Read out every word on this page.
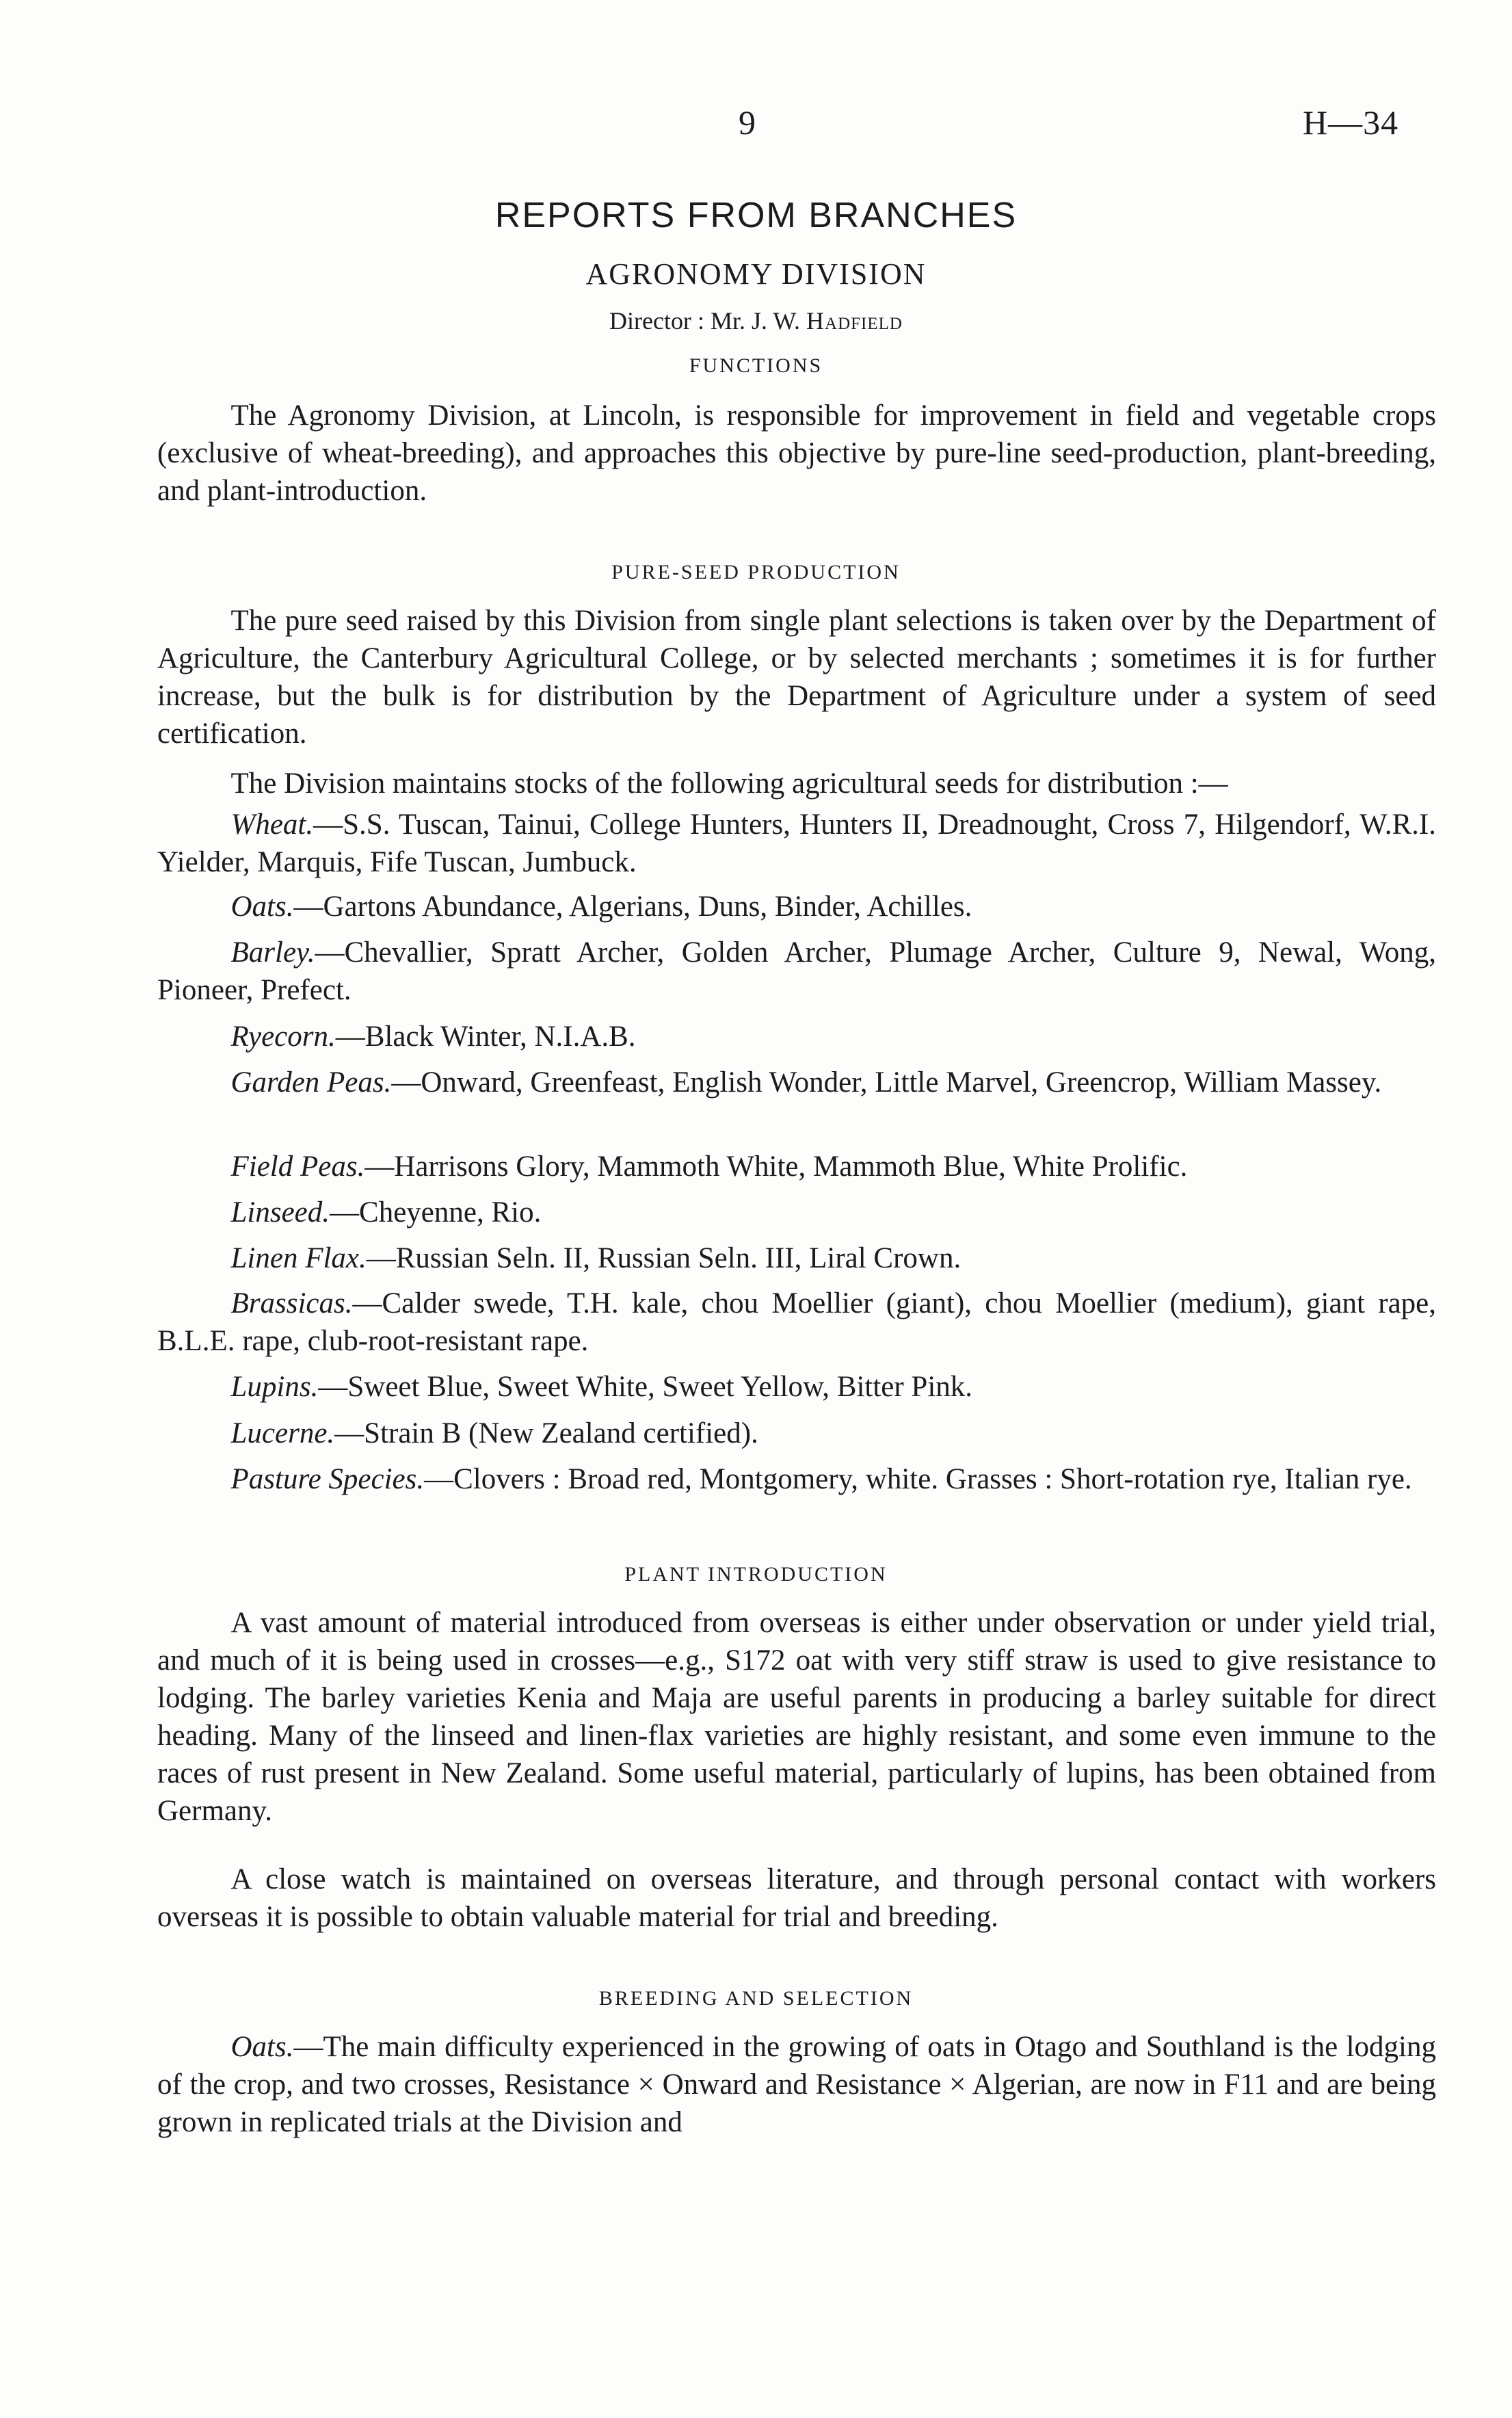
9	H—34
REPORTS FROM BRANCHES
AGRONOMY DIVISION
Director : Mr. J. W. Hadfield
FUNCTIONS
The Agronomy Division, at Lincoln, is responsible for improvement in field and vegetable crops (exclusive of wheat-breeding), and approaches this objective by pure-line seed-production, plant-breeding, and plant-introduction.
PURE-SEED PRODUCTION
The pure seed raised by this Division from single plant selections is taken over by the Department of Agriculture, the Canterbury Agricultural College, or by selected merchants ; sometimes it is for further increase, but the bulk is for distribution by the Department of Agriculture under a system of seed certification.
The Division maintains stocks of the following agricultural seeds for distribution :—
Wheat.—S.S. Tuscan, Tainui, College Hunters, Hunters II, Dreadnought, Cross 7, Hilgendorf, W.R.I. Yielder, Marquis, Fife Tuscan, Jumbuck.
Oats.—Gartons Abundance, Algerians, Duns, Binder, Achilles.
Barley.—Chevallier, Spratt Archer, Golden Archer, Plumage Archer, Culture 9, Newal, Wong, Pioneer, Prefect.
Ryecorn.—Black Winter, N.I.A.B.
Garden Peas.—Onward, Greenfeast, English Wonder, Little Marvel, Greencrop, William Massey.
Field Peas.—Harrisons Glory, Mammoth White, Mammoth Blue, White Prolific.
Linseed.—Cheyenne, Rio.
Linen Flax.—Russian Seln. II, Russian Seln. III, Liral Crown.
Brassicas.—Calder swede, T.H. kale, chou Moellier (giant), chou Moellier (medium), giant rape, B.L.E. rape, club-root-resistant rape.
Lupins.—Sweet Blue, Sweet White, Sweet Yellow, Bitter Pink.
Lucerne.—Strain B (New Zealand certified).
Pasture Species.—Clovers : Broad red, Montgomery, white. Grasses : Short-rotation rye, Italian rye.
PLANT INTRODUCTION
A vast amount of material introduced from overseas is either under observation or under yield trial, and much of it is being used in crosses—e.g., S172 oat with very stiff straw is used to give resistance to lodging. The barley varieties Kenia and Maja are useful parents in producing a barley suitable for direct heading. Many of the linseed and linen-flax varieties are highly resistant, and some even immune to the races of rust present in New Zealand. Some useful material, particularly of lupins, has been obtained from Germany.
A close watch is maintained on overseas literature, and through personal contact with workers overseas it is possible to obtain valuable material for trial and breeding.
BREEDING AND SELECTION
Oats.—The main difficulty experienced in the growing of oats in Otago and Southland is the lodging of the crop, and two crosses, Resistance × Onward and Resistance × Algerian, are now in F11 and are being grown in replicated trials at the Division and
